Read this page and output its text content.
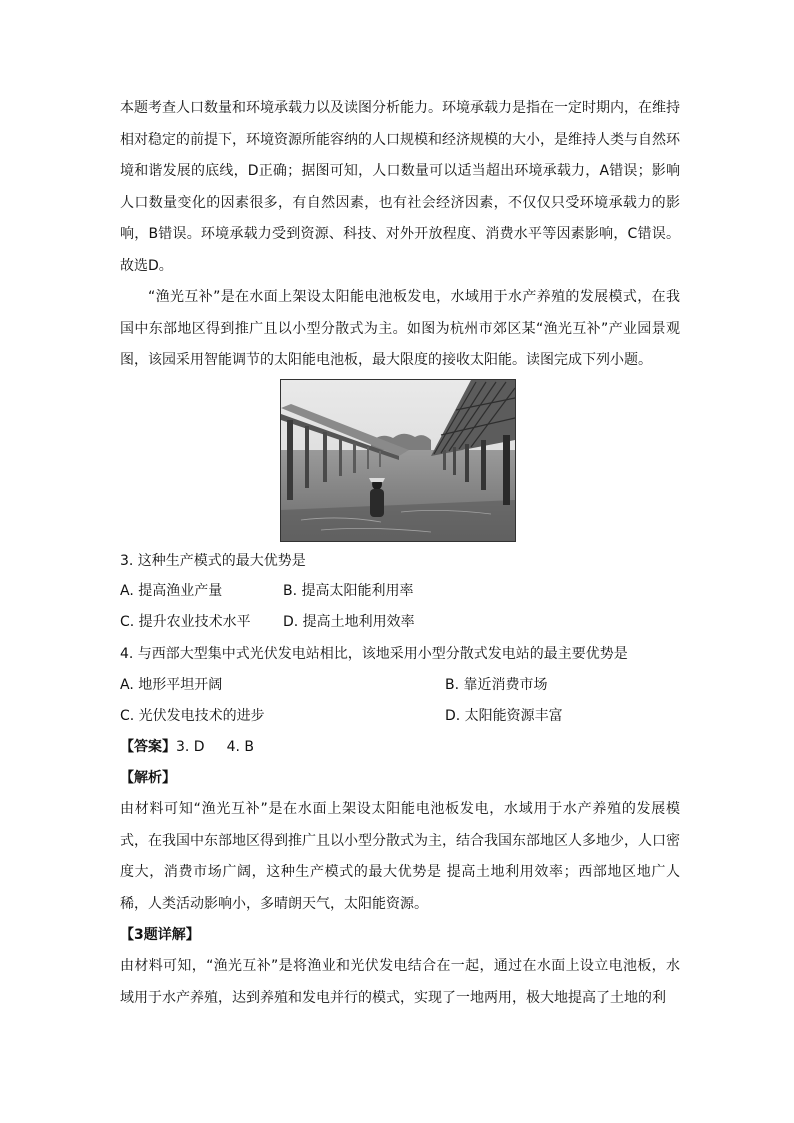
本题考查人口数量和环境承载力以及读图分析能力。环境承载力是指在一定时期内，在维持相对稳定的前提下，环境资源所能容纳的人口规模和经济规模的大小，是维持人类与自然环境和谐发展的底线，D正确；据图可知，人口数量可以适当超出环境承载力，A错误；影响人口数量变化的因素很多，有自然因素，也有社会经济因素，不仅仅只受环境承载力的影响，B错误。环境承载力受到资源、科技、对外开放程度、消费水平等因素影响，C错误。故选D。

“渔光互补”是在水面上架设太阳能电池板发电，水域用于水产养殖的发展模式，在我国中东部地区得到推广且以小型分散式为主。如图为杭州市郊区某“渔光互补”产业园景观图，该园采用智能调节的太阳能电池板，最大限度的接收太阳能。读图完成下列小题。

3. 这种生产模式的最大优势是
A. 提高渔业产量	B. 提高太阳能利用率
C. 提升农业技术水平 D. 提高土地利用效率
4. 与西部大型集中式光伏发电站相比，该地采用小型分散式发电站的最主要优势是
A. 地形平坦开阔	B. 靠近消费市场
C. 光伏发电技术的进步	D. 太阳能资源丰富
【答案】3. D 4. B
【解析】

由材料可知“渔光互补”是在水面上架设太阳能电池板发电，水域用于水产养殖的发展模式，在我国中东部地区得到推广且以小型分散式为主，结合我国东部地区人多地少，人口密度大，消费市场广阔，这种生产模式的最大优势是 提高土地利用效率；西部地区地广人稀，人类活动影响小，多晴朗天气，太阳能资源。

【3题详解】

由材料可知，“渔光互补”是将渔业和光伏发电结合在一起，通过在水面上设立电池板，水域用于水产养殖，达到养殖和发电并行的模式，实现了一地两用，极大地提高了土地的利
